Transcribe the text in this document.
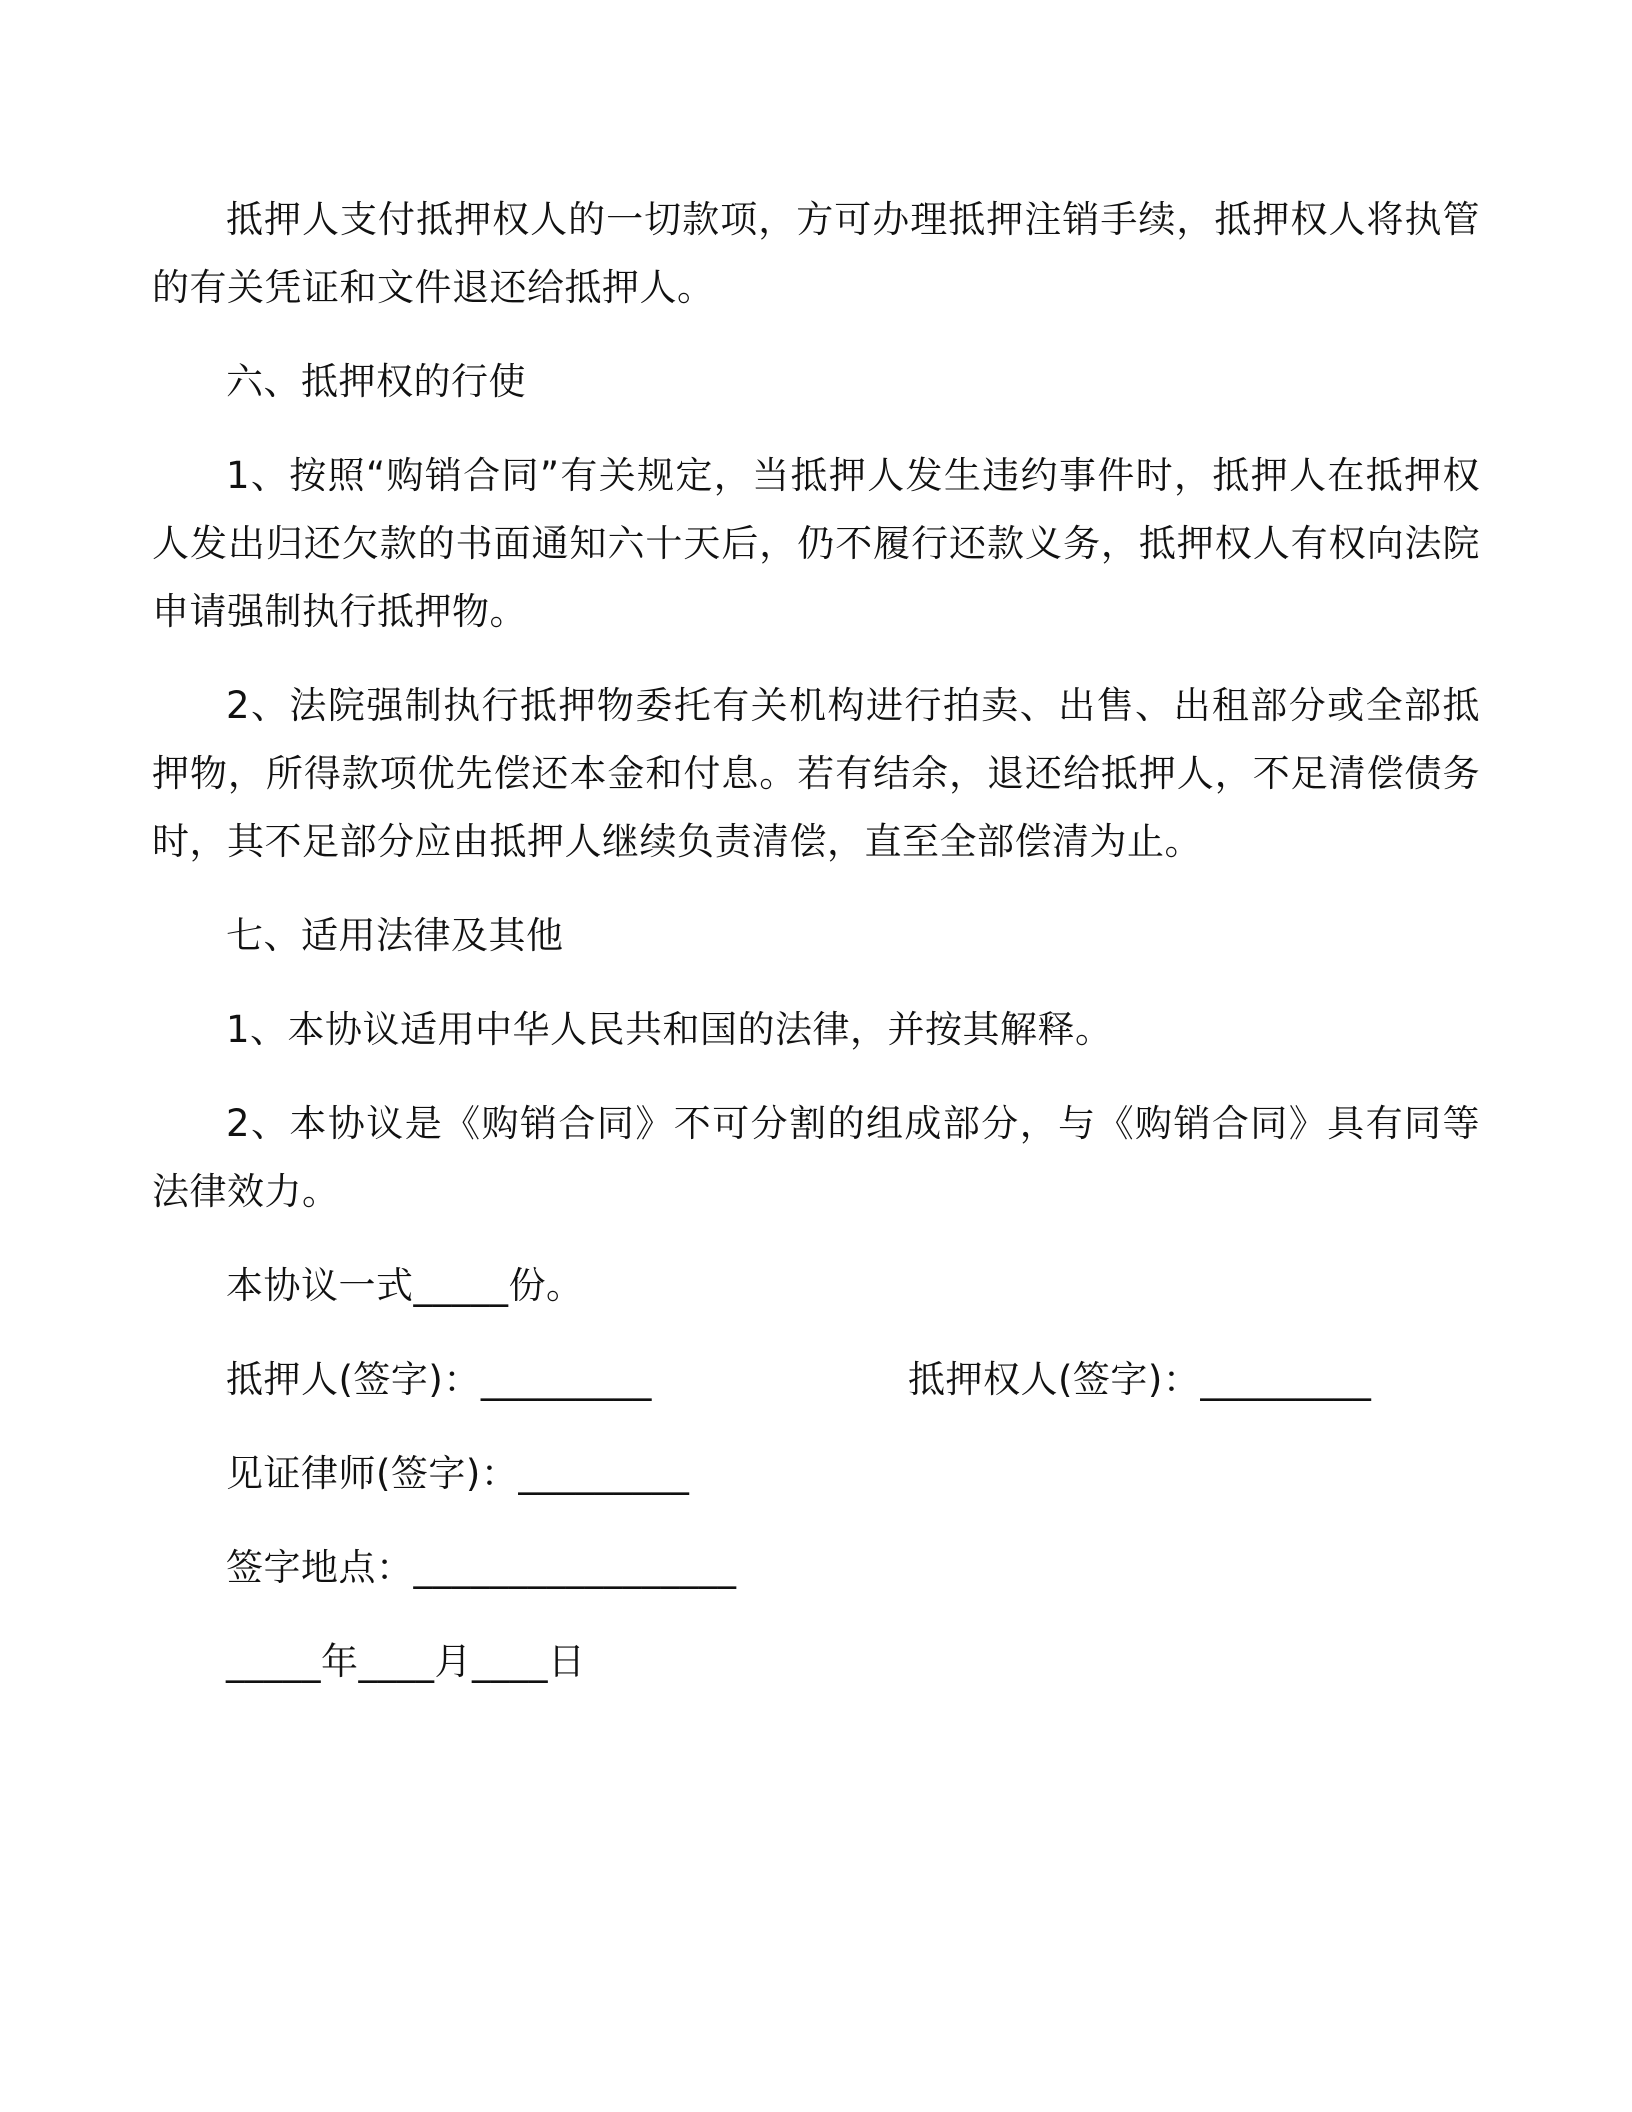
抵押人支付抵押权人的一切款项，方可办理抵押注销手续，抵押权人将执管的有关凭证和文件退还给抵押人。

六、抵押权的行使

1、按照“购销合同”有关规定，当抵押人发生违约事件时，抵押人在抵押权人发出归还欠款的书面通知六十天后，仍不履行还款义务，抵押权人有权向法院申请强制执行抵押物。

2、法院强制执行抵押物委托有关机构进行拍卖、出售、出租部分或全部抵押物，所得款项优先偿还本金和付息。若有结余，退还给抵押人，不足清偿债务时，其不足部分应由抵押人继续负责清偿，直至全部偿清为止。

七、适用法律及其他

1、本协议适用中华人民共和国的法律，并按其解释。

2、本协议是《购销合同》不可分割的组成部分，与《购销合同》具有同等法律效力。

本协议一式_____份。

抵押人(签字)：_________	抵押权人(签字)：_________

见证律师(签字)：_________

签字地点：_________________

_____年____月____日
